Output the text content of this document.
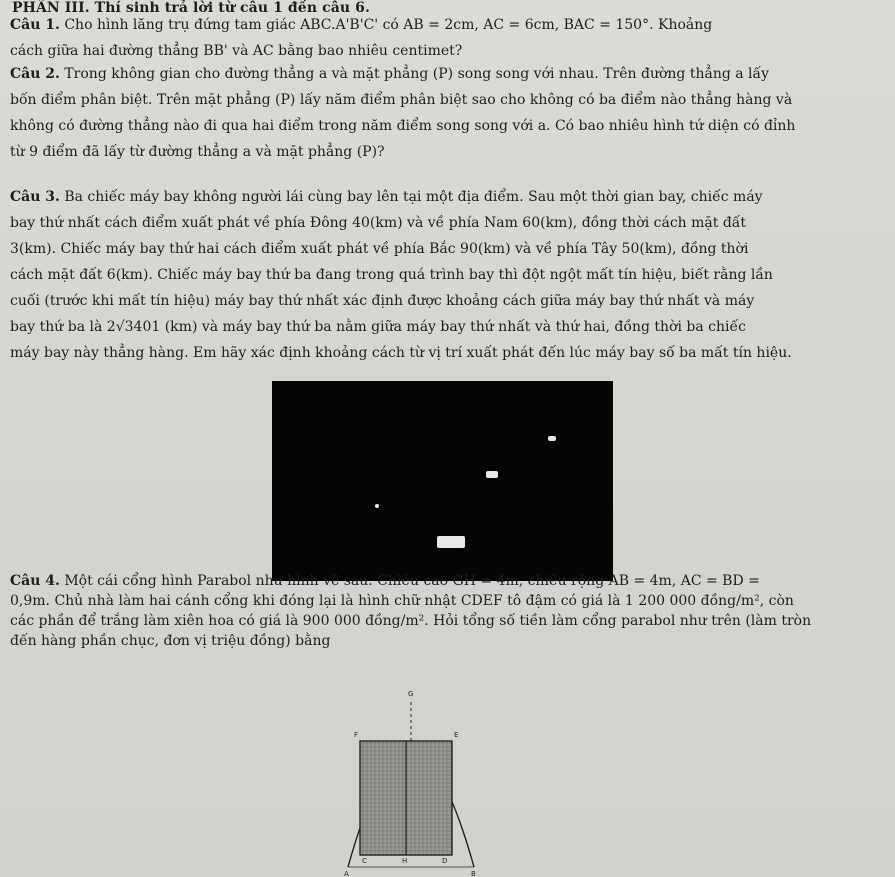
PHẦN III. Thí sinh trả lời từ câu 1 đến câu 6.
Câu 1. Cho hình lăng trụ đứng tam giác ABC.A'B'C' có AB = 2cm, AC = 6cm, BAC = 150°. Khoảng
cách giữa hai đường thẳng BB' và AC bằng bao nhiêu centimet?
Câu 2. Trong không gian cho đường thẳng a và mặt phẳng (P) song song với nhau. Trên đường thẳng a lấy
bốn điểm phân biệt. Trên mặt phẳng (P) lấy năm điểm phân biệt sao cho không có ba điểm nào thẳng hàng và
không có đường thẳng nào đi qua hai điểm trong năm điểm song song với a. Có bao nhiêu hình tứ diện có đỉnh
từ 9 điểm đã lấy từ đường thẳng a và mặt phẳng (P)?
Câu 3. Ba chiếc máy bay không người lái cùng bay lên tại một địa điểm. Sau một thời gian bay, chiếc máy
bay thứ nhất cách điểm xuất phát về phía Đông 40(km) và về phía Nam 60(km), đồng thời cách mặt đất
3(km). Chiếc máy bay thứ hai cách điểm xuất phát về phía Bắc 90(km) và về phía Tây 50(km), đồng thời
cách mặt đất 6(km). Chiếc máy bay thứ ba đang trong quá trình bay thì đột ngột mất tín hiệu, biết rằng lần
cuối (trước khi mất tín hiệu) máy bay thứ nhất xác định được khoảng cách giữa máy bay thứ nhất và máy
bay thứ ba là 2√3401 (km) và máy bay thứ ba nằm giữa máy bay thứ nhất và thứ hai, đồng thời ba chiếc
máy bay này thẳng hàng. Em hãy xác định khoảng cách từ vị trí xuất phát đến lúc máy bay số ba mất tín hiệu.
Câu 4. Một cái cổng hình Parabol như hình vẽ sau. Chiều cao GH = 4m, chiều rộng AB = 4m, AC = BD =
0,9m. Chủ nhà làm hai cánh cổng khi đóng lại là hình chữ nhật CDEF tô đậm có giá là 1 200 000 đồng/m², còn
các phần để trắng làm xiên hoa có giá là 900 000 đồng/m². Hỏi tổng số tiền làm cổng parabol như trên (làm tròn
đến hàng phần chục, đơn vị triệu đồng) bằng
G
F	E
C	H	D
A	B
